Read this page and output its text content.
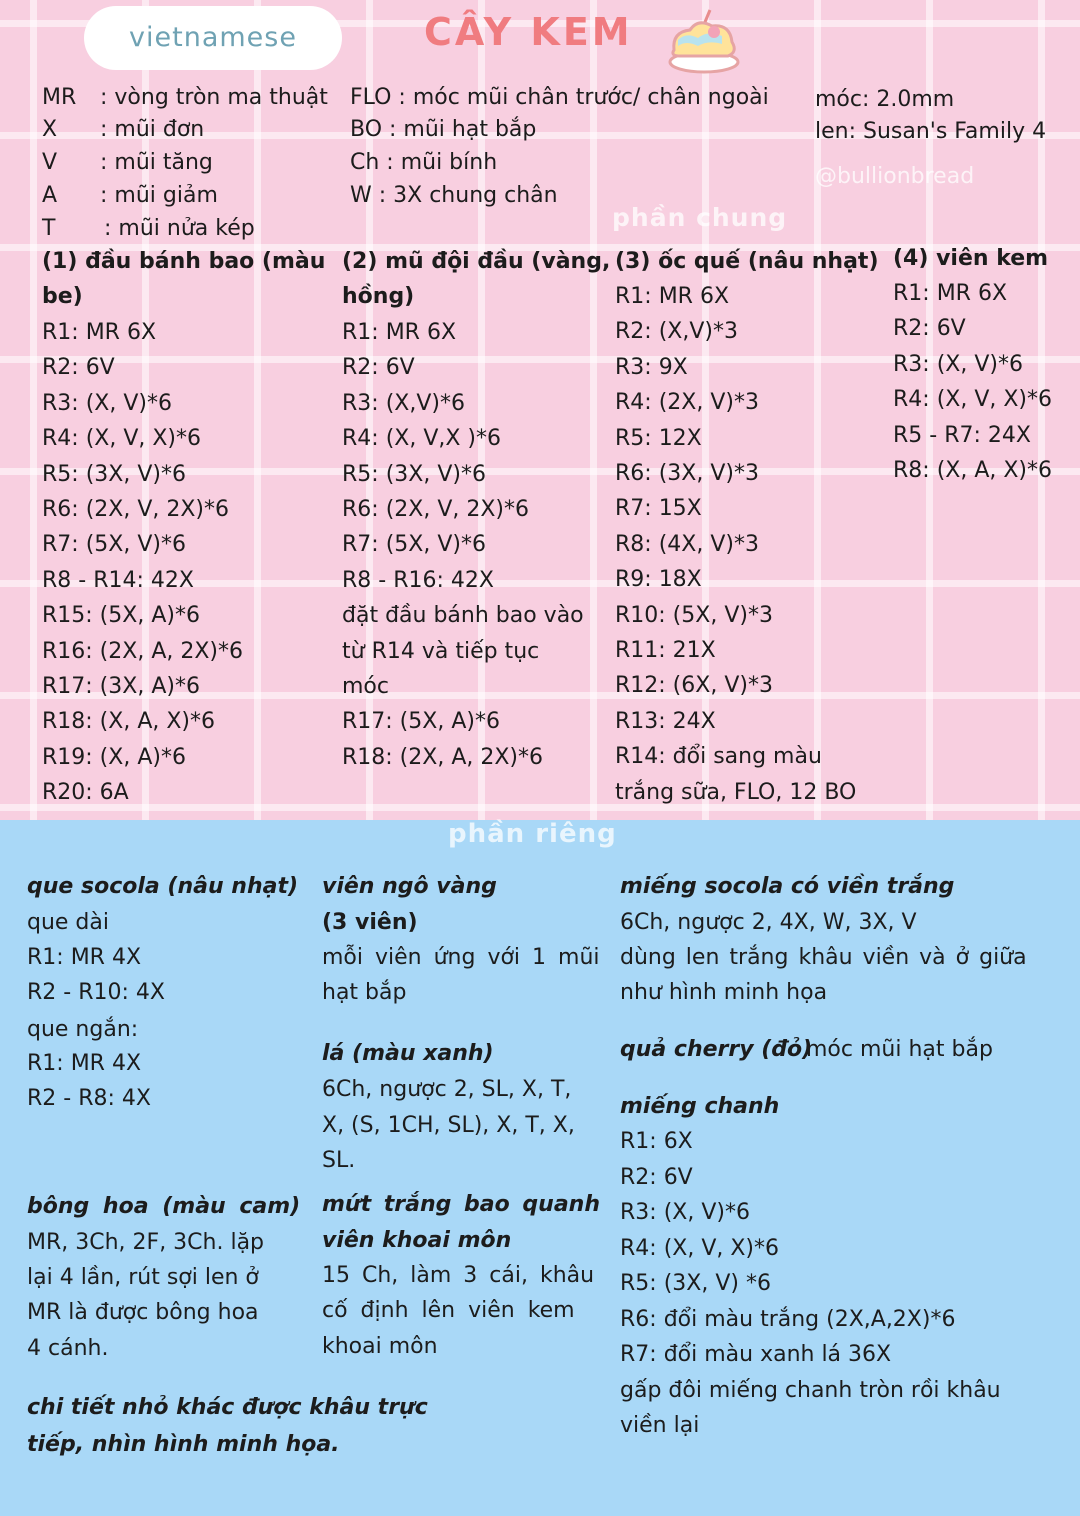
vietnamese	CÂY KEM
phần chung
phần riêng
@bullionbread
MR : vòng tròn ma thuật
X : mũi đơn
V : mũi tăng
A : mũi giảm
T : mũi nửa kép
FLO : móc mũi chân trước/ chân ngoài
BO : mũi hạt bắp
Ch : mũi bính
W : 3X chung chân
móc: 2.0mm
len: Susan's Family 4
(1) đầu bánh bao (màu
be)
R1: MR 6X
R2: 6V
R3: (X, V)*6
R4: (X, V, X)*6
R5: (3X, V)*6
R6: (2X, V, 2X)*6
R7: (5X, V)*6
R8 - R14: 42X
R15: (5X, A)*6
R16: (2X, A, 2X)*6
R17: (3X, A)*6
R18: (X, A, X)*6
R19: (X, A)*6
R20: 6A
(2) mũ đội đầu (vàng,
hồng)
R1: MR 6X
R2: 6V
R3: (X,V)*6
R4: (X, V,X )*6
R5: (3X, V)*6
R6: (2X, V, 2X)*6
R7: (5X, V)*6
R8 - R16: 42X
đặt đầu bánh bao vào
từ R14 và tiếp tục
móc
R17: (5X, A)*6
R18: (2X, A, 2X)*6
(3) ốc quế (nâu nhạt)
R1: MR 6X
R2: (X,V)*3
R3: 9X
R4: (2X, V)*3
R5: 12X
R6: (3X, V)*3
R7: 15X
R8: (4X, V)*3
R9: 18X
R10: (5X, V)*3
R11: 21X
R12: (6X, V)*3
R13: 24X
R14: đổi sang màu
trắng sữa, FLO, 12 BO
(4) viên kem
R1: MR 6X
R2: 6V
R3: (X, V)*6
R4: (X, V, X)*6
R5 - R7: 24X
R8: (X, A, X)*6
que socola (nâu nhạt)
que dài
R1: MR 4X
R2 - R10: 4X
que ngắn:
R1: MR 4X
R2 - R8: 4X
bông hoa (màu cam)
MR, 3Ch, 2F, 3Ch. lặp
lại 4 lần, rút sợi len ở
MR là được bông hoa
4 cánh.
chi tiết nhỏ khác được khâu trực
tiếp, nhìn hình minh họa.
viên ngô vàng
(3 viên)
mỗi viên ứng với 1 mũi
hạt bắp
lá (màu xanh)
6Ch, ngược 2, SL, X, T,
X, (S, 1CH, SL), X, T, X,
SL.
mứt trắng bao quanh
viên khoai môn
15 Ch, làm 3 cái, khâu
cố định lên viên kem
khoai môn
miếng socola có viền trắng
6Ch, ngược 2, 4X, W, 3X, V
dùng len trắng khâu viền và ở giữa
như hình minh họa
quả cherry (đỏ)
móc mũi hạt bắp
miếng chanh
R1: 6X
R2: 6V
R3: (X, V)*6
R4: (X, V, X)*6
R5: (3X, V) *6
R6: đổi màu trắng (2X,A,2X)*6
R7: đổi màu xanh lá 36X
gấp đôi miếng chanh tròn rồi khâu
viền lại
